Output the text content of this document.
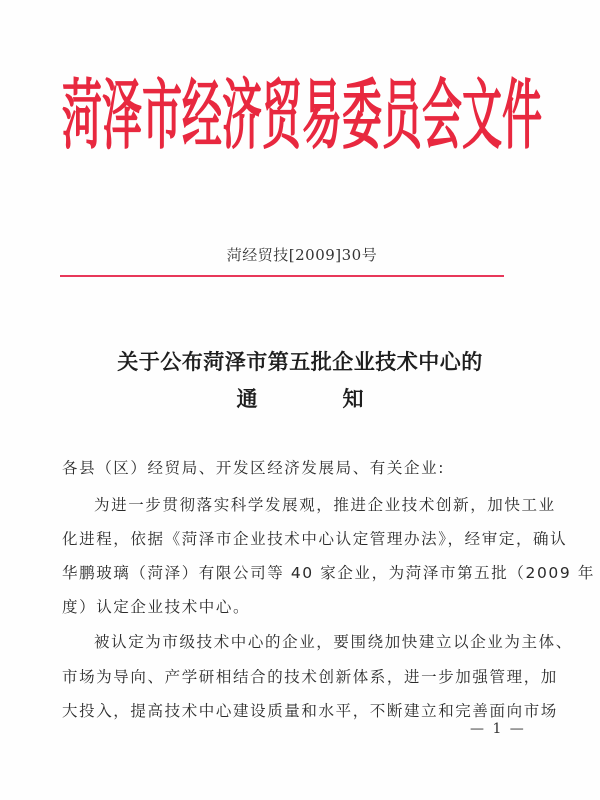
菏 泽 市 经 济 贸 易 委 员 会 文 件
菏经贸技[2009]30号
关于公布菏泽市第五批企业技术中心的
通	知
各县（区）经贸局、开发区经济发展局、有关企业:
为进一步贯彻落实科学发展观，推进企业技术创新，加快工业
化进程，依据《菏泽市企业技术中心认定管理办法》，经审定，确认
华鹏玻璃（菏泽）有限公司等 40 家企业，为菏泽市第五批（2009 年
度）认定企业技术中心。
被认定为市级技术中心的企业，要围绕加快建立以企业为主体、
市场为导向、产学研相结合的技术创新体系，进一步加强管理，加
大投入，提高技术中心建设质量和水平，不断建立和完善面向市场
— 1 —
